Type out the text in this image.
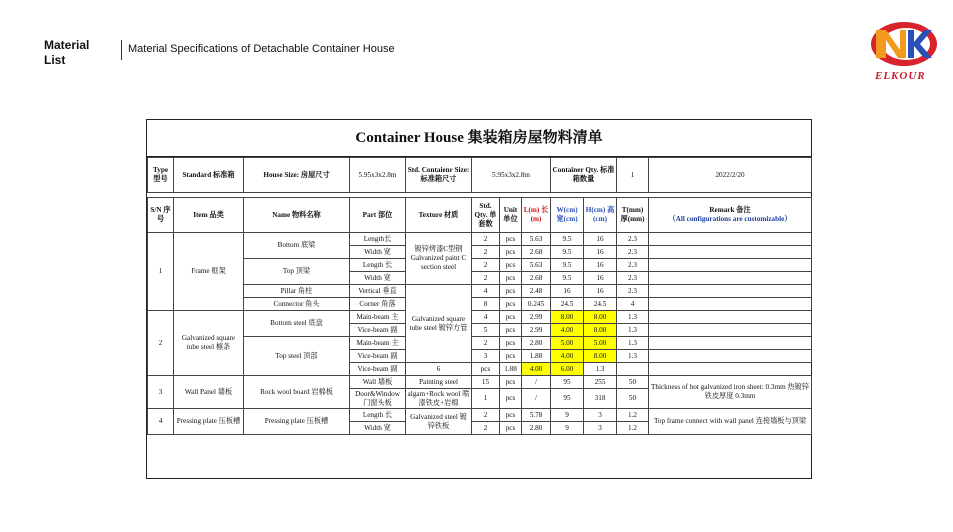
Material List
Material Specifications of Detachable Container House
ELKOUR
Container House 集装箱房屋物料清单
Type 型号	Standard 标准箱	House Size: 房屋尺寸	5.95x3x2.8m	Std. Contaienr Size: 标准箱尺寸	5.95x3x2.8m			Container Qty. 标准箱数量		1	2022/2/20

S/N 序号	Item 品类	Name 物料名称	Part 部位	Texture 材质	Std. Qty. 单套数	Unit 单位	L(m) 长(m)	W(cm) 宽(cm)	H(cm) 高(cm)	T(mm) 厚(mm)	Remark 备注
（All configurations are customizable）

1	Frame 框架	Bottom 底梁	Length长	镀锌烤漆C型钢 Galvanized paint C section steel	2	pcs	5.63	9.5	16	2.3	
			Width 宽		2	pcs	2.68	9.5	16	2.3	
		Top 顶梁	Length 长		2	pcs	5.63	9.5	16	2.3	
			Width 宽		2	pcs	2.68	9.5	16	2.3	
		Pillar 角柱	Vertical 垂直	Galvanized square tube steel 镀锌方管	4	pcs	2.48	16	16	2.3	
		Connector 角头	Corner 角落		8	pcs	0.245	24.5	24.5	4	
2	Galvanized square tube steel 檩条	Bottom steel 底盘	Main-beam 主		4	pcs	2.99	8.00	8.00	1.3	
			Vice-beam 副		5	pcs	2.99	4.00	8.00	1.3	
		Top steel 顶部	Main-beam 主		2	pcs	2.80	5.00	5.00	1.3	
			Vice-beam 副		3	pcs	1.88	4.00	8.00	1.3	
			Vice-beam 副	6	pcs	1.88	4.00	6.00	1.3		
3	Wall Panel 墙板	Rock wool board 岩棉板	Wall 墙板	Painting steel	15	pcs	/	95	255	50	Thickness of hot galvanized iron sheet: 0.3mm 热镀锌铁皮厚度 0.3mm
			Door&Window 门窗头板	algam+Rock wool 喷漆铁皮+岩棉	1	pcs	/	95	318	50	
4	Pressing plate 压板槽	Pressing plate 压板槽	Length 长	Galvanized steel 镀锌铁板	2	pcs	5.78	9	3	1.2	Top frame connect with wall panel 连接墙板与顶梁
			Width 宽		2	pcs	2.80	9	3	1.2	
